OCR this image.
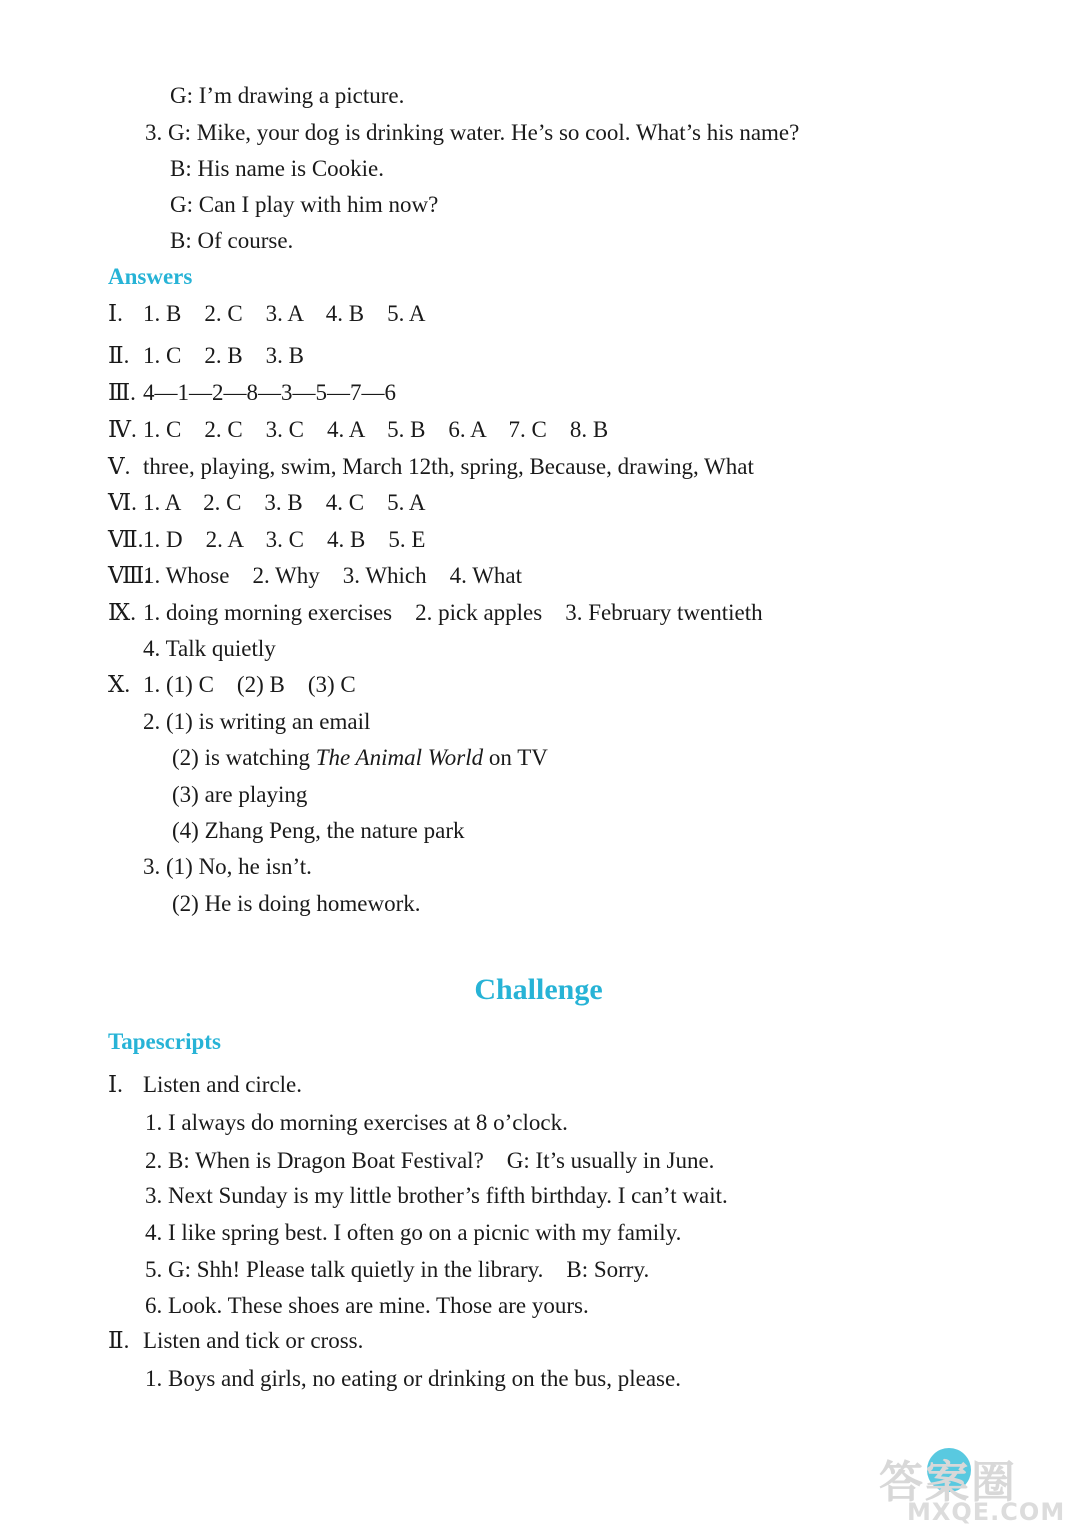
G: I’m drawing a picture.
3. G: Mike, your dog is drinking water. He’s so cool. What’s his name?
B: His name is Cookie.
G: Can I play with him now?
B: Of course.
Answers
Ⅰ. 1. B    2. C    3. A    4. B    5. A
Ⅱ. 1. C    2. B    3. B
Ⅲ. 4—1—2—8—3—5—7—6
Ⅳ. 1. C    2. C    3. C    4. A    5. B    6. A    7. C    8. B
Ⅴ. three, playing, swim, March 12th, spring, Because, drawing, What
Ⅵ. 1. A    2. C    3. B    4. C    5. A
Ⅶ. 1. D    2. A    3. C    4. B    5. E
Ⅷ.
1. Whose    2. Why    3. Which    4. What
Ⅸ. 1. doing morning exercises    2. pick apples    3. February twentieth
4. Talk quietly
Ⅹ. 1. (1) C    (2) B    (3) C
2. (1) is writing an email
(2) is watching The Animal World on TV
(3) are playing
(4) Zhang Peng, the nature park
3. (1) No, he isn’t.
(2) He is doing homework.
Challenge
Tapescripts
Ⅰ. Listen and circle.
1. I always do morning exercises at 8 o’clock.
2. B: When is Dragon Boat Festival?    G: It’s usually in June.
3. Next Sunday is my little brother’s fifth birthday. I can’t wait.
4. I like spring best. I often go on a picnic with my family.
5. G: Shh! Please talk quietly in the library.    B: Sorry.
6. Look. These shoes are mine. Those are yours.
Ⅱ. Listen and tick or cross.
1. Boys and girls, no eating or drinking on the bus, please.
答案圈
MXQE.COM
